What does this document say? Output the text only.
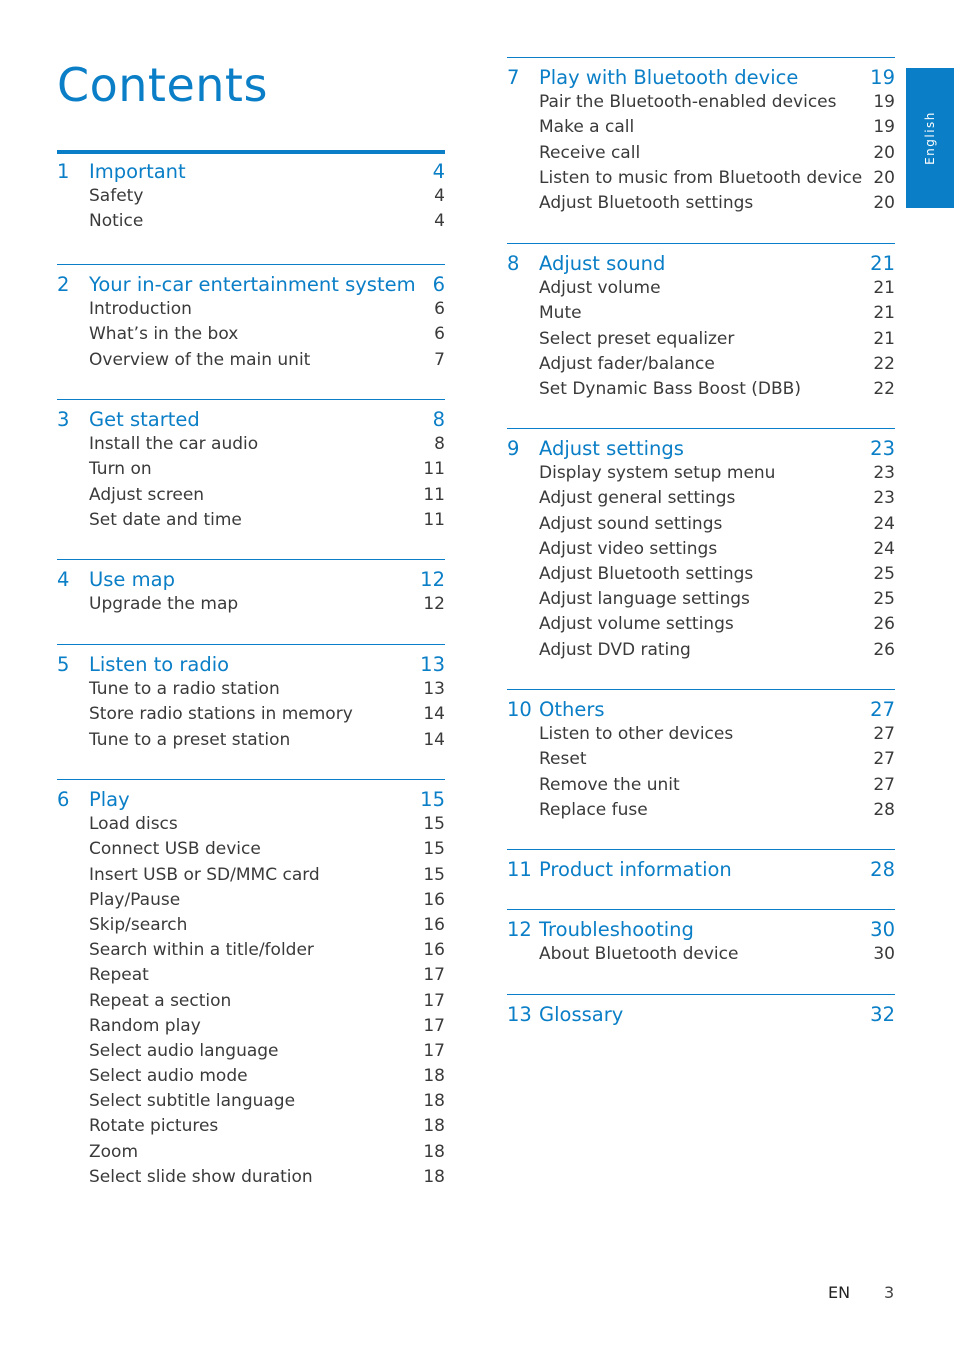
Contents
1 Important	4
Safety	4
Notice	4
2 Your in-car entertainment system 6
Introduction	6
What’s in the box	6
Overview of the main unit	7
3 Get started	8
Install the car audio	8
Turn on	11
Adjust screen	11
Set date and time	11
4 Use map	12
Upgrade the map	12
5 Listen to radio	13
Tune to a radio station	13
Store radio stations in memory	14
Tune to a preset station	14
6 Play	15
Load discs	15
Connect USB device	15
Insert USB or SD/MMC card	15
Play/Pause	16
Skip/search	16
Search within a title/folder	16
Repeat	17
Repeat a section	17
Random play	17
Select audio language	17
Select audio mode	18
Select subtitle language	18
Rotate pictures	18
Zoom	18
Select slide show duration	18
7 Play with Bluetooth device	19
Pair the Bluetooth-enabled devices 19
Make a call	19
Receive call	20
Listen to music from Bluetooth device 20
Adjust Bluetooth settings	20
8 Adjust sound	21
Adjust volume	21
Mute	21
Select preset equalizer	21
Adjust fader/balance	22
Set Dynamic Bass Boost (DBB)	22
9 Adjust settings	23
Display system setup menu	23
Adjust general settings	23
Adjust sound settings	24
Adjust video settings	24
Adjust Bluetooth settings	25
Adjust language settings	25
Adjust volume settings	26
Adjust DVD rating	26
10 Others	27
Listen to other devices	27
Reset	27
Remove the unit	27
Replace fuse	28
11 Product information	28
12 Troubleshooting	30
About Bluetooth device	30
13 Glossary	32
English
EN 3
